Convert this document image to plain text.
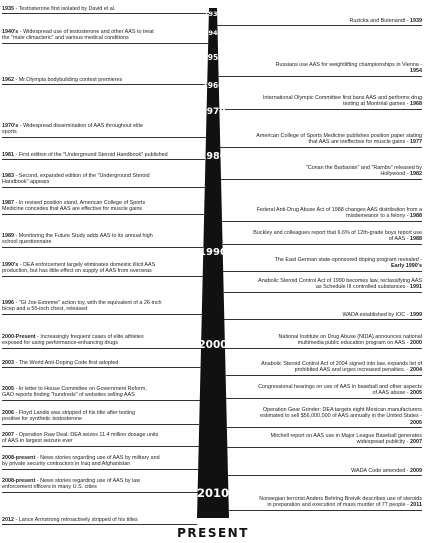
1935 - Testosterone first isolated by David et al.
1940's - Widespread use of testosterone and other AAS to treat the "male climacteric" and various medical conditions
1962 - Mr.Olympia bodybuilding contest premieres
1970's - Widespread dissemination of AAS throughout elite sports
1981 - First edition of the "Underground Steroid Handbook" published
1983 - Second, expanded edition of the "Underground Steroid Handbook" appears
1987 - In revised position stand, American College of Sports Medicine concedes that AAS are effective for muscle gains
1989 - Monitoring the Future Study adds AAS to its annual high school questionnaire
1990's - DEA enforcement largely eliminates domestic illicit AAS production, but has little effect on supply of AAS from overseas
1996 - "GI Joe Extreme" action toy, with the equivalent of a 26-inch bicep and a 55-inch chest, released
2000-Present - Increasingly frequent cases of elite athletes exposed for using performance-enhancing drugs
2003 - The World Anti-Doping Code first adopted
2005 - In letter to House Committee on Government Reform, GAO reports finding "hundreds" of websites selling AAS
2006 - Floyd Landis was stripped of his title after testing positive for synthetic testosterone
2007 - Operation Raw Deal: DEA seizes 11.4 million dosage units of AAS in largest seizure ever
2008-present - News stories regarding use of AAS by military and by private security contractors in Iraq and Afghanistan
2008-present - News stories regarding use of AAS by law enforcement officers in many U.S. cities
2012 - Lance Armstrong retroactively stripped of his titles
Ruzicka and Butenandt - 1939
Russians use AAS for weightlifting championships in Vienna - 1954
International Olympic Committee first bans AAS and performs drug testing at Montréal games - 1968
American College of Sports Medicine publishes position paper stating that AAS are ineffective for muscle gains - 1977
"Conan the Barbarian" and "Rambo" released by Hollywood - 1982
Federal Anti-Drug Abuse Act of 1988 changes AAS distribution from a misdemeanor to a felony - 1988
Buckley and colleagues report that 6.6% of 12th-grade boys report use of AAS - 1988
The East German state-sponsored doping program revealed - Early 1990's
Anabolic Steroid Control Act of 1990 becomes law, reclassifying AAS as Schedule III controlled substances - 1991
WADA established by IOC - 1999
National Institute on Drug Abuse (NIDA) announces national multimedia public education program on AAS - 2000
Anabolic Steroid Control Act of 2004 signed into law, expands list of prohibited AAS and urges increased penalties. - 2004
Congressional hearings on use of AAS in baseball and other aspects of AAS abuse - 2005
Operation Gear Grinder: DEA targets eight Mexican manufacturers estimated to sell $56,000,000 of AAS annually in the United States - 2005
Mitchell report on AAS use in Major League Baseball generates widespread publicity - 2007
WADA Code amended - 2009
Norwegian terrorist Anders Behring Breivik describes use of steroids in preparation and execution of mass murder of 77 people - 2011
1930
1940
1950
1960
1970
1980
1990
2000
2010
PRESENT
